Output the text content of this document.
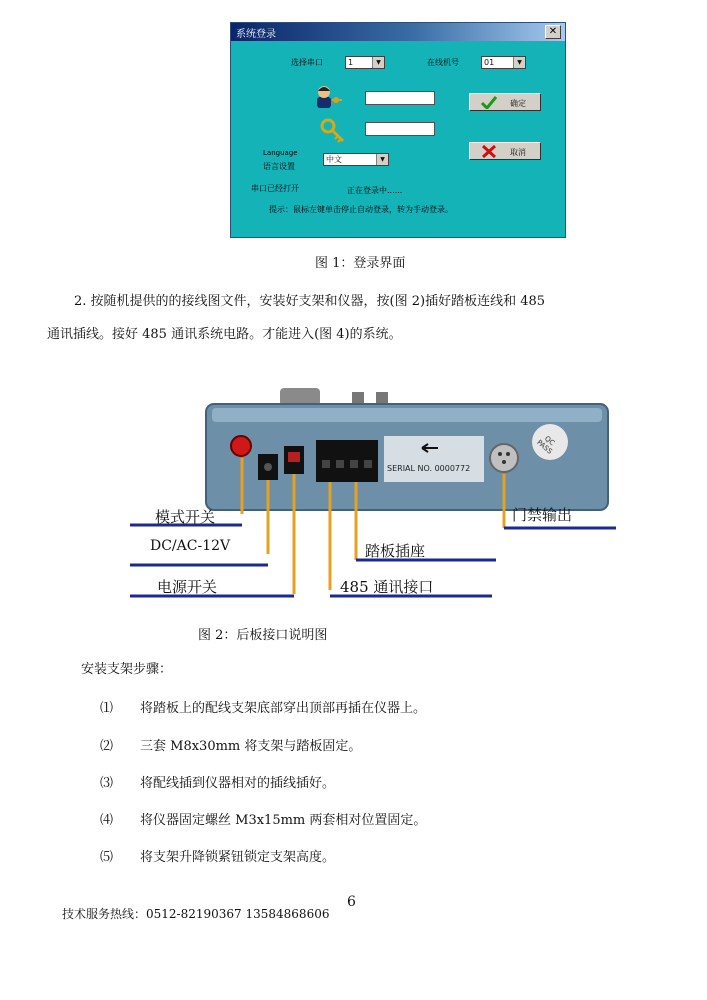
系统登录	✕
选择串口	1	▼	在线机号	01	▼
确定
取消
Language
语言设置
中文	▼
串口已经打开	正在登录中......
提示：鼠标左键单击停止自动登录，转为手动登录。
图 1：登录界面
2. 按随机提供的的接线图文件，安装好支架和仪器，按(图 2)插好踏板连线和 485
通讯插线。接好 485 通讯系统电路。才能进入(图 4)的系统。
SERIAL NO. 0000772
QC PASS
模式开关
DC/AC-12V
电源开关
踏板插座
485 通讯接口
门禁输出
图 2：后板接口说明图
安装支架步骤：
⑴ 将踏板上的配线支架底部穿出顶部再插在仪器上。
⑵ 三套 M8x30mm 将支架与踏板固定。
⑶ 将配线插到仪器相对的插线插好。
⑷ 将仪器固定螺丝 M3x15mm 两套相对位置固定。
⑸ 将支架升降锁紧钮锁定支架高度。
技术服务热线：0512-82190367 13584868606
6
